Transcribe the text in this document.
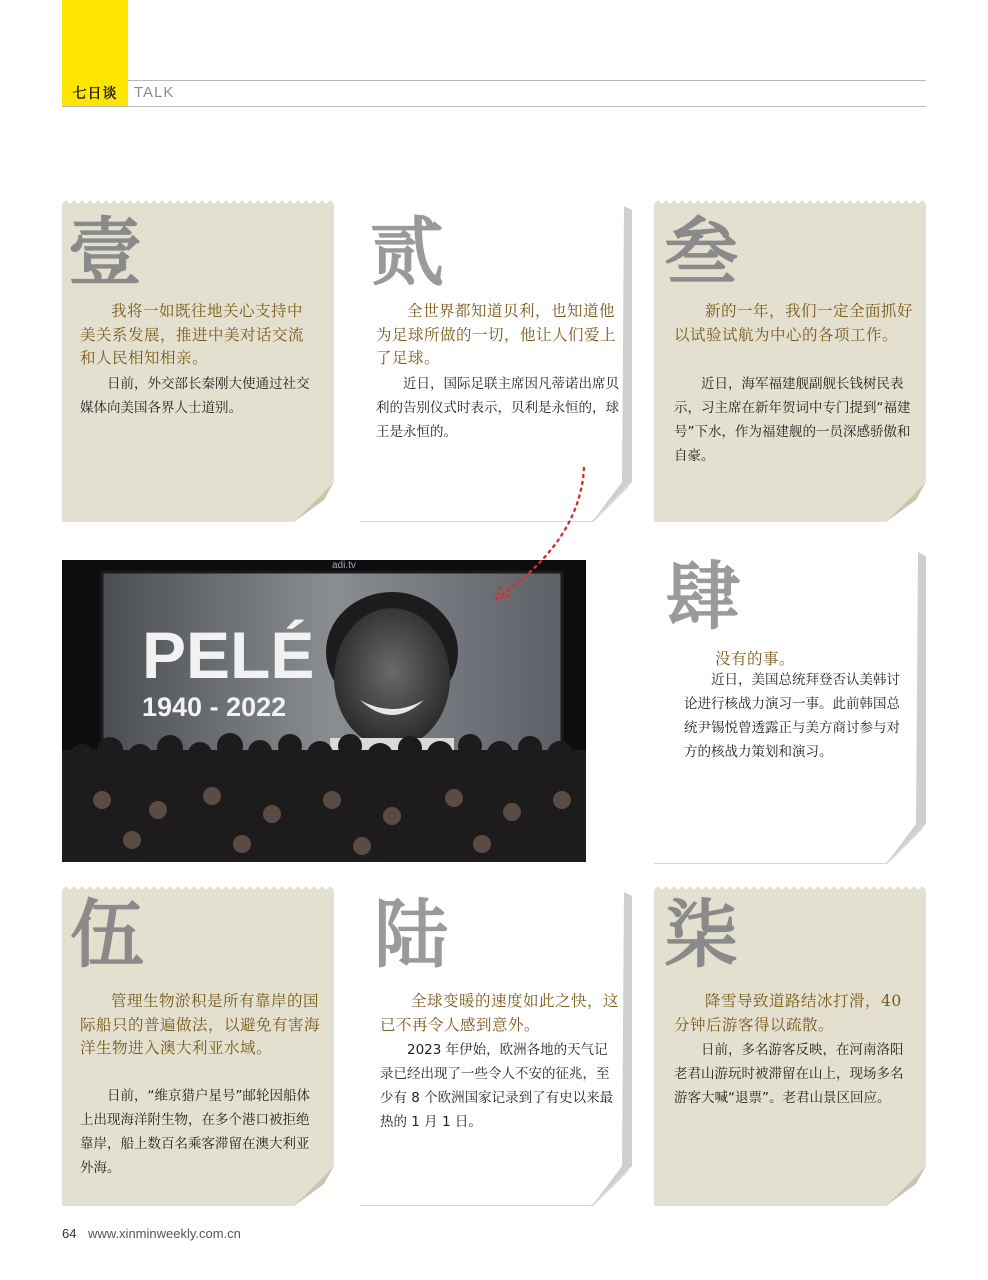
七日谈	TALK
壹
我将一如既往地关心支持中美关系发展，推进中美对话交流和人民相知相亲。
日前，外交部长秦刚大使通过社交媒体向美国各界人士道别。
贰
全世界都知道贝利，也知道他为足球所做的一切，他让人们爱上了足球。
近日，国际足联主席因凡蒂诺出席贝利的告别仪式时表示，贝利是永恒的，球王是永恒的。
叁
新的一年，我们一定全面抓好以试验试航为中心的各项工作。
近日，海军福建舰副舰长钱树民表示，习主席在新年贺词中专门提到“福建号”下水，作为福建舰的一员深感骄傲和自豪。
PELÉ
1940 - 2022
adi.tv	肆
没有的事。
近日，美国总统拜登否认美韩讨论进行核战力演习一事。此前韩国总统尹锡悦曾透露正与美方商讨参与对方的核战力策划和演习。
伍
管理生物淤积是所有靠岸的国际船只的普遍做法，以避免有害海洋生物进入澳大利亚水域。
日前，“维京猎户星号”邮轮因船体上出现海洋附生物，在多个港口被拒绝靠岸，船上数百名乘客滞留在澳大利亚外海。
陆
全球变暖的速度如此之快，这已不再令人感到意外。
2023 年伊始，欧洲各地的天气记录已经出现了一些令人不安的征兆，至少有 8 个欧洲国家记录到了有史以来最热的 1 月 1 日。
柒
降雪导致道路结冰打滑，40 分钟后游客得以疏散。
日前，多名游客反映，在河南洛阳老君山游玩时被滞留在山上，现场多名游客大喊“退票”。老君山景区回应。
64 www.xinminweekly.com.cn
